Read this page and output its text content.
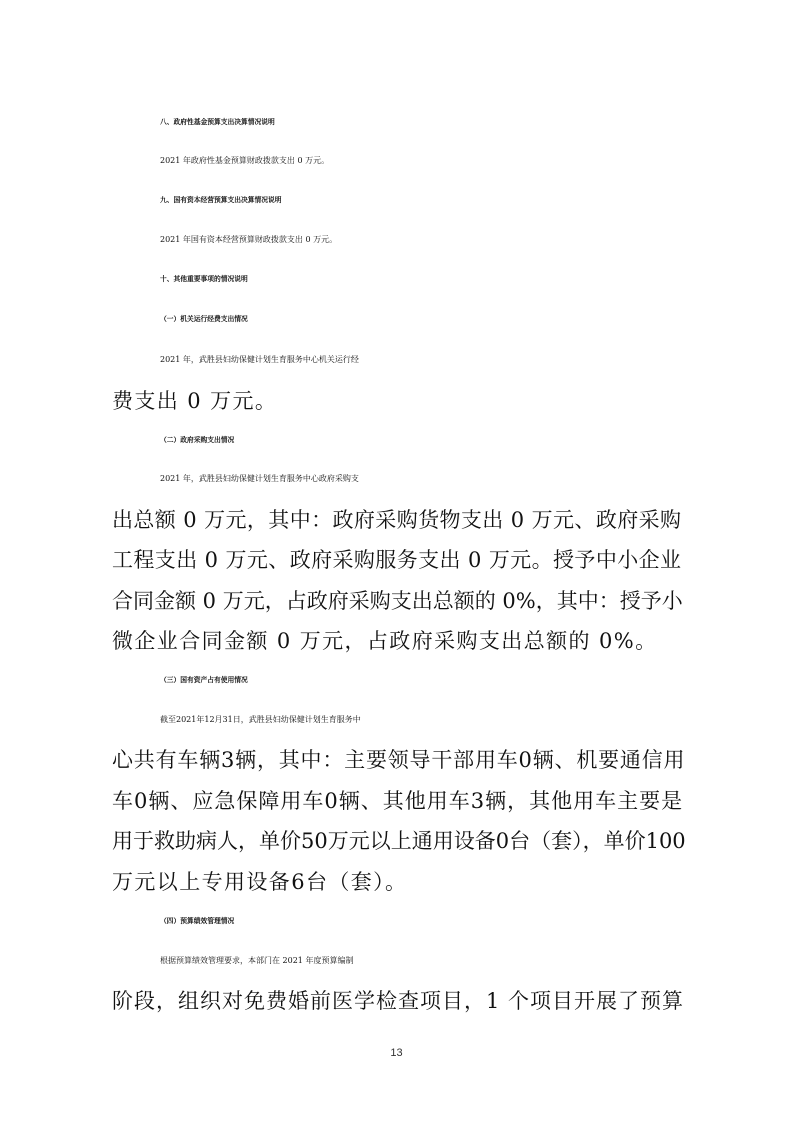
八、政府性基金预算支出决算情况说明
2021 年政府性基金预算财政拨款支出 0 万元。
九、国有资本经营预算支出决算情况说明
2021 年国有资本经营预算财政拨款支出 0 万元。
十、其他重要事项的情况说明
（一）机关运行经费支出情况
2021 年，武胜县妇幼保健计划生育服务中心机关运行经
费支出 0 万元。
（二）政府采购支出情况
2021 年，武胜县妇幼保健计划生育服务中心政府采购支
出总额 0 万元，其中：政府采购货物支出 0 万元、政府采购
工程支出 0 万元、政府采购服务支出 0 万元。授予中小企业
合同金额 0 万元，占政府采购支出总额的 0%，其中：授予小
微企业合同金额 0 万元，占政府采购支出总额的 0%。
（三）国有资产占有使用情况
截至2021年12月31日，武胜县妇幼保健计划生育服务中
心共有车辆3辆，其中：主要领导干部用车0辆、机要通信用
车0辆、应急保障用车0辆、其他用车3辆，其他用车主要是
用于救助病人，单价50万元以上通用设备0台（套），单价100
万元以上专用设备6台（套）。
（四）预算绩效管理情况
根据预算绩效管理要求，本部门在 2021 年度预算编制
阶段，组织对免费婚前医学检查项目，1 个项目开展了预算
13
